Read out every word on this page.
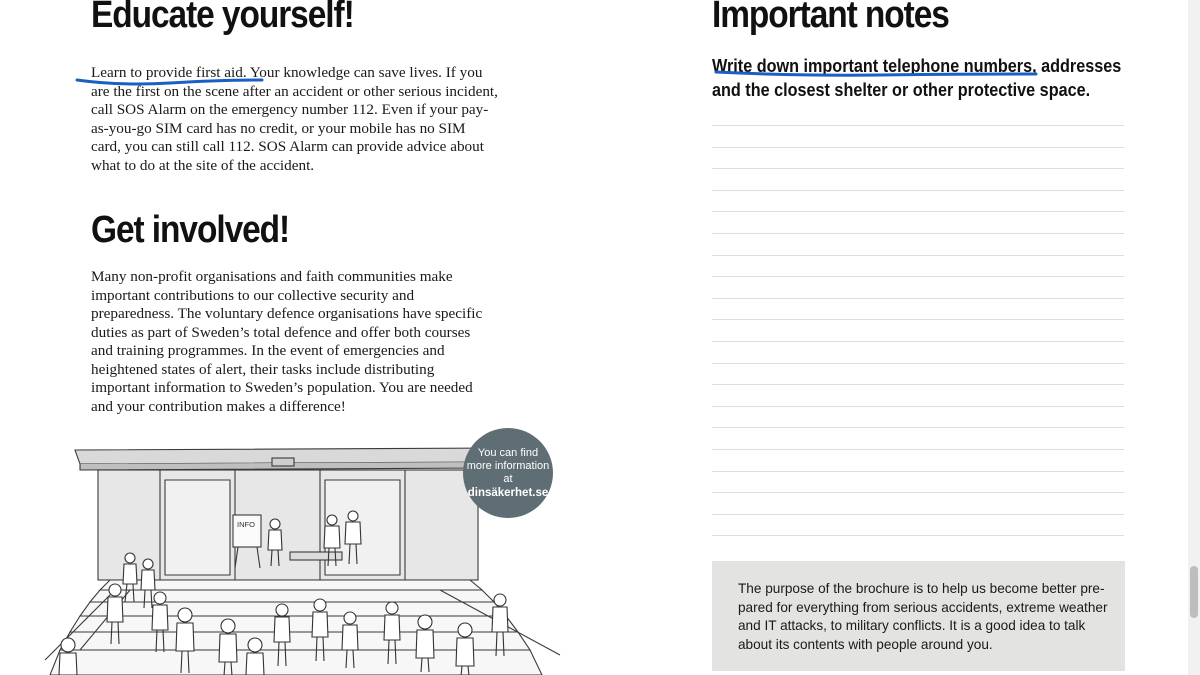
Educate yourself!

Learn to provide first aid. Your knowledge can save lives. If you are the first on the scene after an accident or other serious incident, call SOS Alarm on the emergency number 112. Even if your pay-as-you-go SIM card has no credit, or your mobile has no SIM card, you can still call 112. SOS Alarm can provide advice about what to do at the site of the accident.

Get involved!

Many non-profit organisations and faith communities make important contributions to our collective security and preparedness. The voluntary defence organisations have specific duties as part of Sweden’s total defence and offer both courses and training programmes. In the event of emergencies and heightened states of alert, their tasks include distributing important information to Sweden’s population. You are needed and your contribution makes a difference!

INFO
You can find
more information
at
dinsäkerhet.se
Important notes

Write down important telephone numbers, addresses and the closest shelter or other protective space.

The purpose of the brochure is to help us become better pre-pared for everything from serious accidents, extreme weather and IT attacks, to military conflicts. It is a good idea to talk about its contents with people around you.
